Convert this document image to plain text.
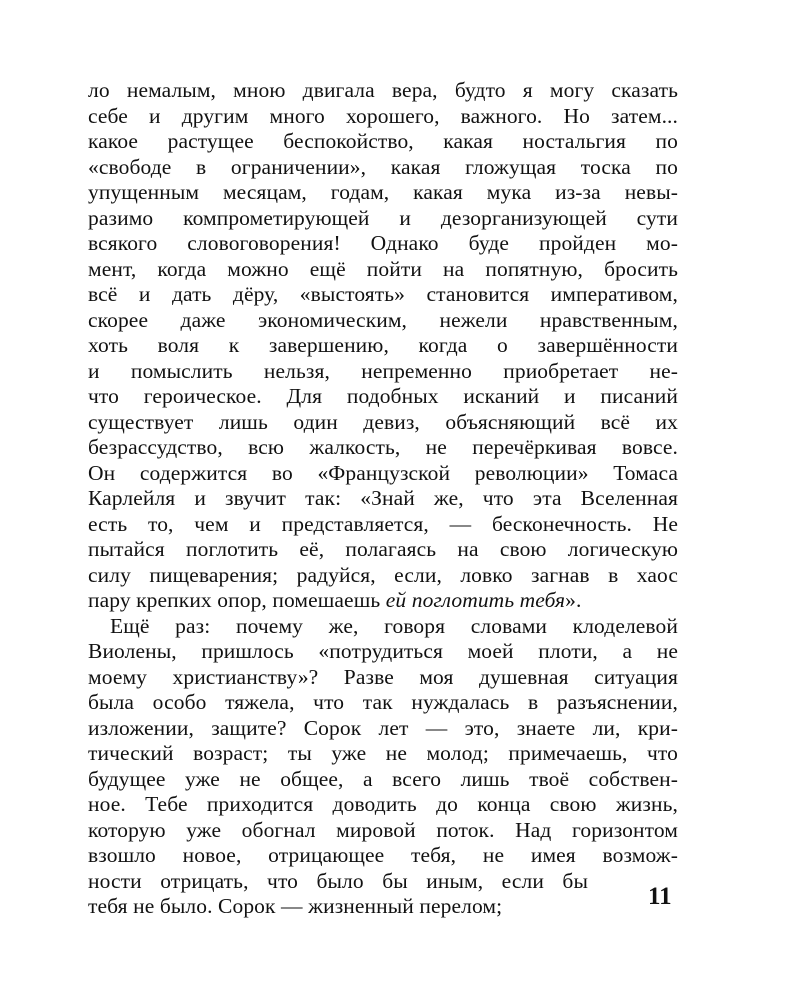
ло немалым, мною двигала вера, будто я могу сказать
себе и другим много хорошего, важного. Но затем...
какое растущее беспокойство, какая ностальгия по
«свободе в ограничении», какая гложущая тоска по
упущенным месяцам, годам, какая мука из-за невы-
разимо компрометирующей и дезорганизующей сути
всякого словоговорения! Однако буде пройден мо-
мент, когда можно ещё пойти на попятную, бросить
всё и дать дёру, «выстоять» становится императивом,
скорее даже экономическим, нежели нравственным,
хоть воля к завершению, когда о завершённости
и помыслить нельзя, непременно приобретает не-
что героическое. Для подобных исканий и писаний
существует лишь один девиз, объясняющий всё их
безрассудство, всю жалкость, не перечёркивая вовсе.
Он содержится во «Французской революции» Томаса
Карлейля и звучит так: «Знай же, что эта Вселенная
есть то, чем и представляется, — бесконечность. Не
пытайся поглотить её, полагаясь на свою логическую
силу пищеварения; радуйся, если, ловко загнав в хаос
пару крепких опор, помешаешь ей поглотить тебя».
Ещё раз: почему же, говоря словами клоделевой
Виолены, пришлось «потрудиться моей плоти, а не
моему христианству»? Разве моя душевная ситуация
была особо тяжела, что так нуждалась в разъяснении,
изложении, защите? Сорок лет — это, знаете ли, кри-
тический возраст; ты уже не молод; примечаешь, что
будущее уже не общее, а всего лишь твоё собствен-
ное. Тебе приходится доводить до конца свою жизнь,
которую уже обогнал мировой поток. Над горизонтом
взошло новое, отрицающее тебя, не имея возмож-
ности отрицать, что было бы иным, если бы
тебя не было. Сорок — жизненный перелом;	11
